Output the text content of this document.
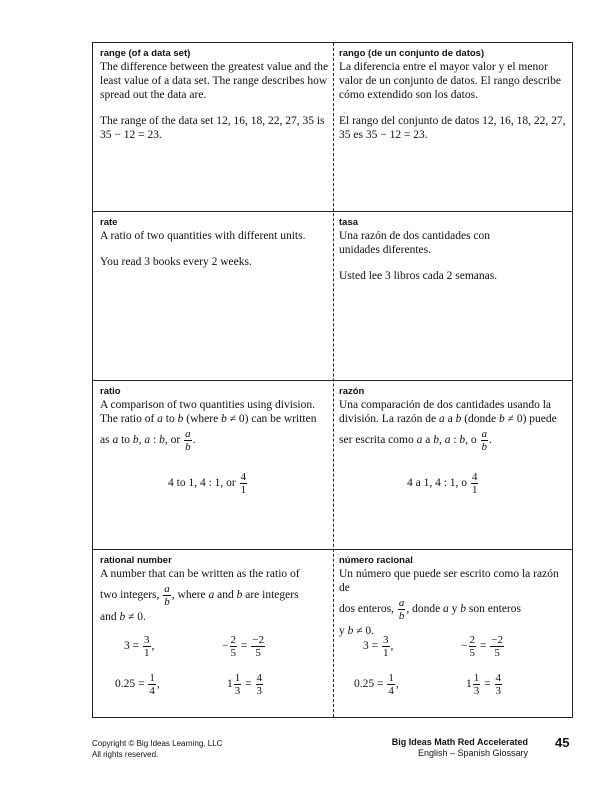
range (of a data set)
The difference between the greatest value and the least value of a data set. The range describes how spread out the data are.
The range of the data set 12, 16, 18, 22, 27, 35 is 35 − 12 = 23.
rango (de un conjunto de datos)
La diferencia entre el mayor valor y el menor valor de un conjunto de datos. El rango describe cómo extendido son los datos.
El rango del conjunto de datos 12, 16, 18, 22, 27, 35 es 35 − 12 = 23.
rate
A ratio of two quantities with different units.
You read 3 books every 2 weeks.
tasa
Una razón de dos cantidades con unidades diferentes.
Usted lee 3 libros cada 2 semanas.
ratio
A comparison of two quantities using division.
The ratio of a to b (where b ≠ 0) can be written
as a to b, a : b, or $\frac{a}{b}$ .
4 to 1, 4 : 1, or $\frac{4}{1}$
razón
Una comparación de dos cantidades usando la
división. La razón de a a b (donde b ≠ 0) puede
ser escrita como a a b, a : b, o $\frac{a}{b}$ .
4 a 1, 4 : 1, o $\frac{4}{1}$
rational number
A number that can be written as the ratio of
two integers, $\frac{a}{b}$ , where a and b are integers
and b ≠ 0.
$3 = \frac{3}{1}$ ,	− $\frac{2}{5} = \frac{-2}{5}$
$0.25 = \frac{1}{4}$ ,	$1 \frac{1}{3} = \frac{4}{3}$
número racional
Un número que puede ser escrito como la razón de
dos enteros, $\frac{a}{b}$ , donde a y b son enteros
y b ≠ 0.
$3 = \frac{3}{1}$ ,	− $\frac{2}{5} = \frac{-2}{5}$
$0.25 = \frac{1}{4}$ ,	$1 \frac{1}{3} = \frac{4}{3}$
Copyright © Big Ideas Learning, LLC
All rights reserved.
Big Ideas Math Red Accelerated
English – Spanish Glossary
45
